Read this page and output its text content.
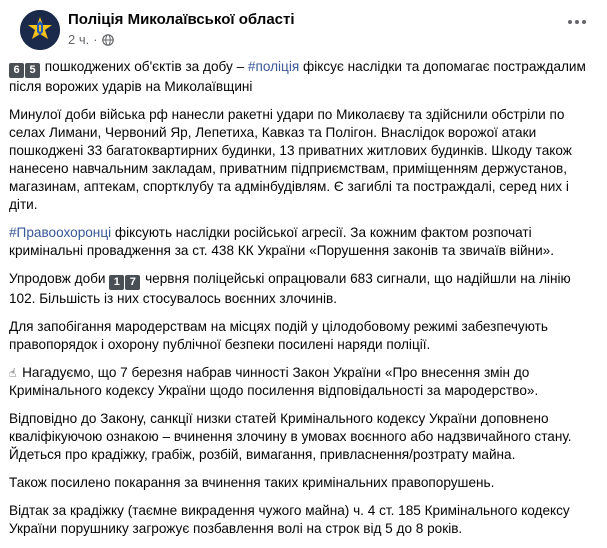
Поліція Миколаївської області
2 ч. ·

6 5 пошкоджених об'єктів за добу – #поліція фіксує наслідки та допомагає постраждалим після ворожих ударів на Миколаївщині

Минулої доби війська рф нанесли ракетні удари по Миколаєву та здійснили обстріли по селах Лимани, Червоний Яр, Лепетиха, Кавказ та Полігон. Внаслідок ворожої атаки пошкоджені 33 багатоквартирних будинки, 13 приватних житлових будинків. Шкоду також нанесено навчальним закладам, приватним підприємствам, приміщенням держустанов, магазинам, аптекам, спортклубу та адмінбудівлям. Є загиблі та постраждалі, серед них і діти.

#Правоохоронці фіксують наслідки російської агресії. За кожним фактом розпочаті кримінальні провадження за ст. 438 КК України «Порушення законів та звичаїв війни».

Упродовж доби 1 7 червня поліцейські опрацювали 683 сигнали, що надійшли на лінію 102. Більшість із них стосувалось воєнних злочинів.

Для запобігання мародерствам на місцях подій у цілодобовому режимі забезпечують правопорядок і охорону публічної безпеки посилені наряди поліції.

☝ Нагадуємо, що 7 березня набрав чинності Закон України «Про внесення змін до Кримінального кодексу України щодо посилення відповідальності за мародерство».

Відповідно до Закону, санкції низки статей Кримінального кодексу України доповнено кваліфікуючою ознакою – вчинення злочину в умовах воєнного або надзвичайного стану. Йдеться про крадіжку, грабіж, розбій, вимагання, привласнення/розтрату майна.

Також посилено покарання за вчинення таких кримінальних правопорушень.

Відтак за крадіжку (таємне викрадення чужого майна) ч. 4 ст. 185 Кримінального кодексу України порушнику загрожує позбавлення волі на строк від 5 до 8 років.
